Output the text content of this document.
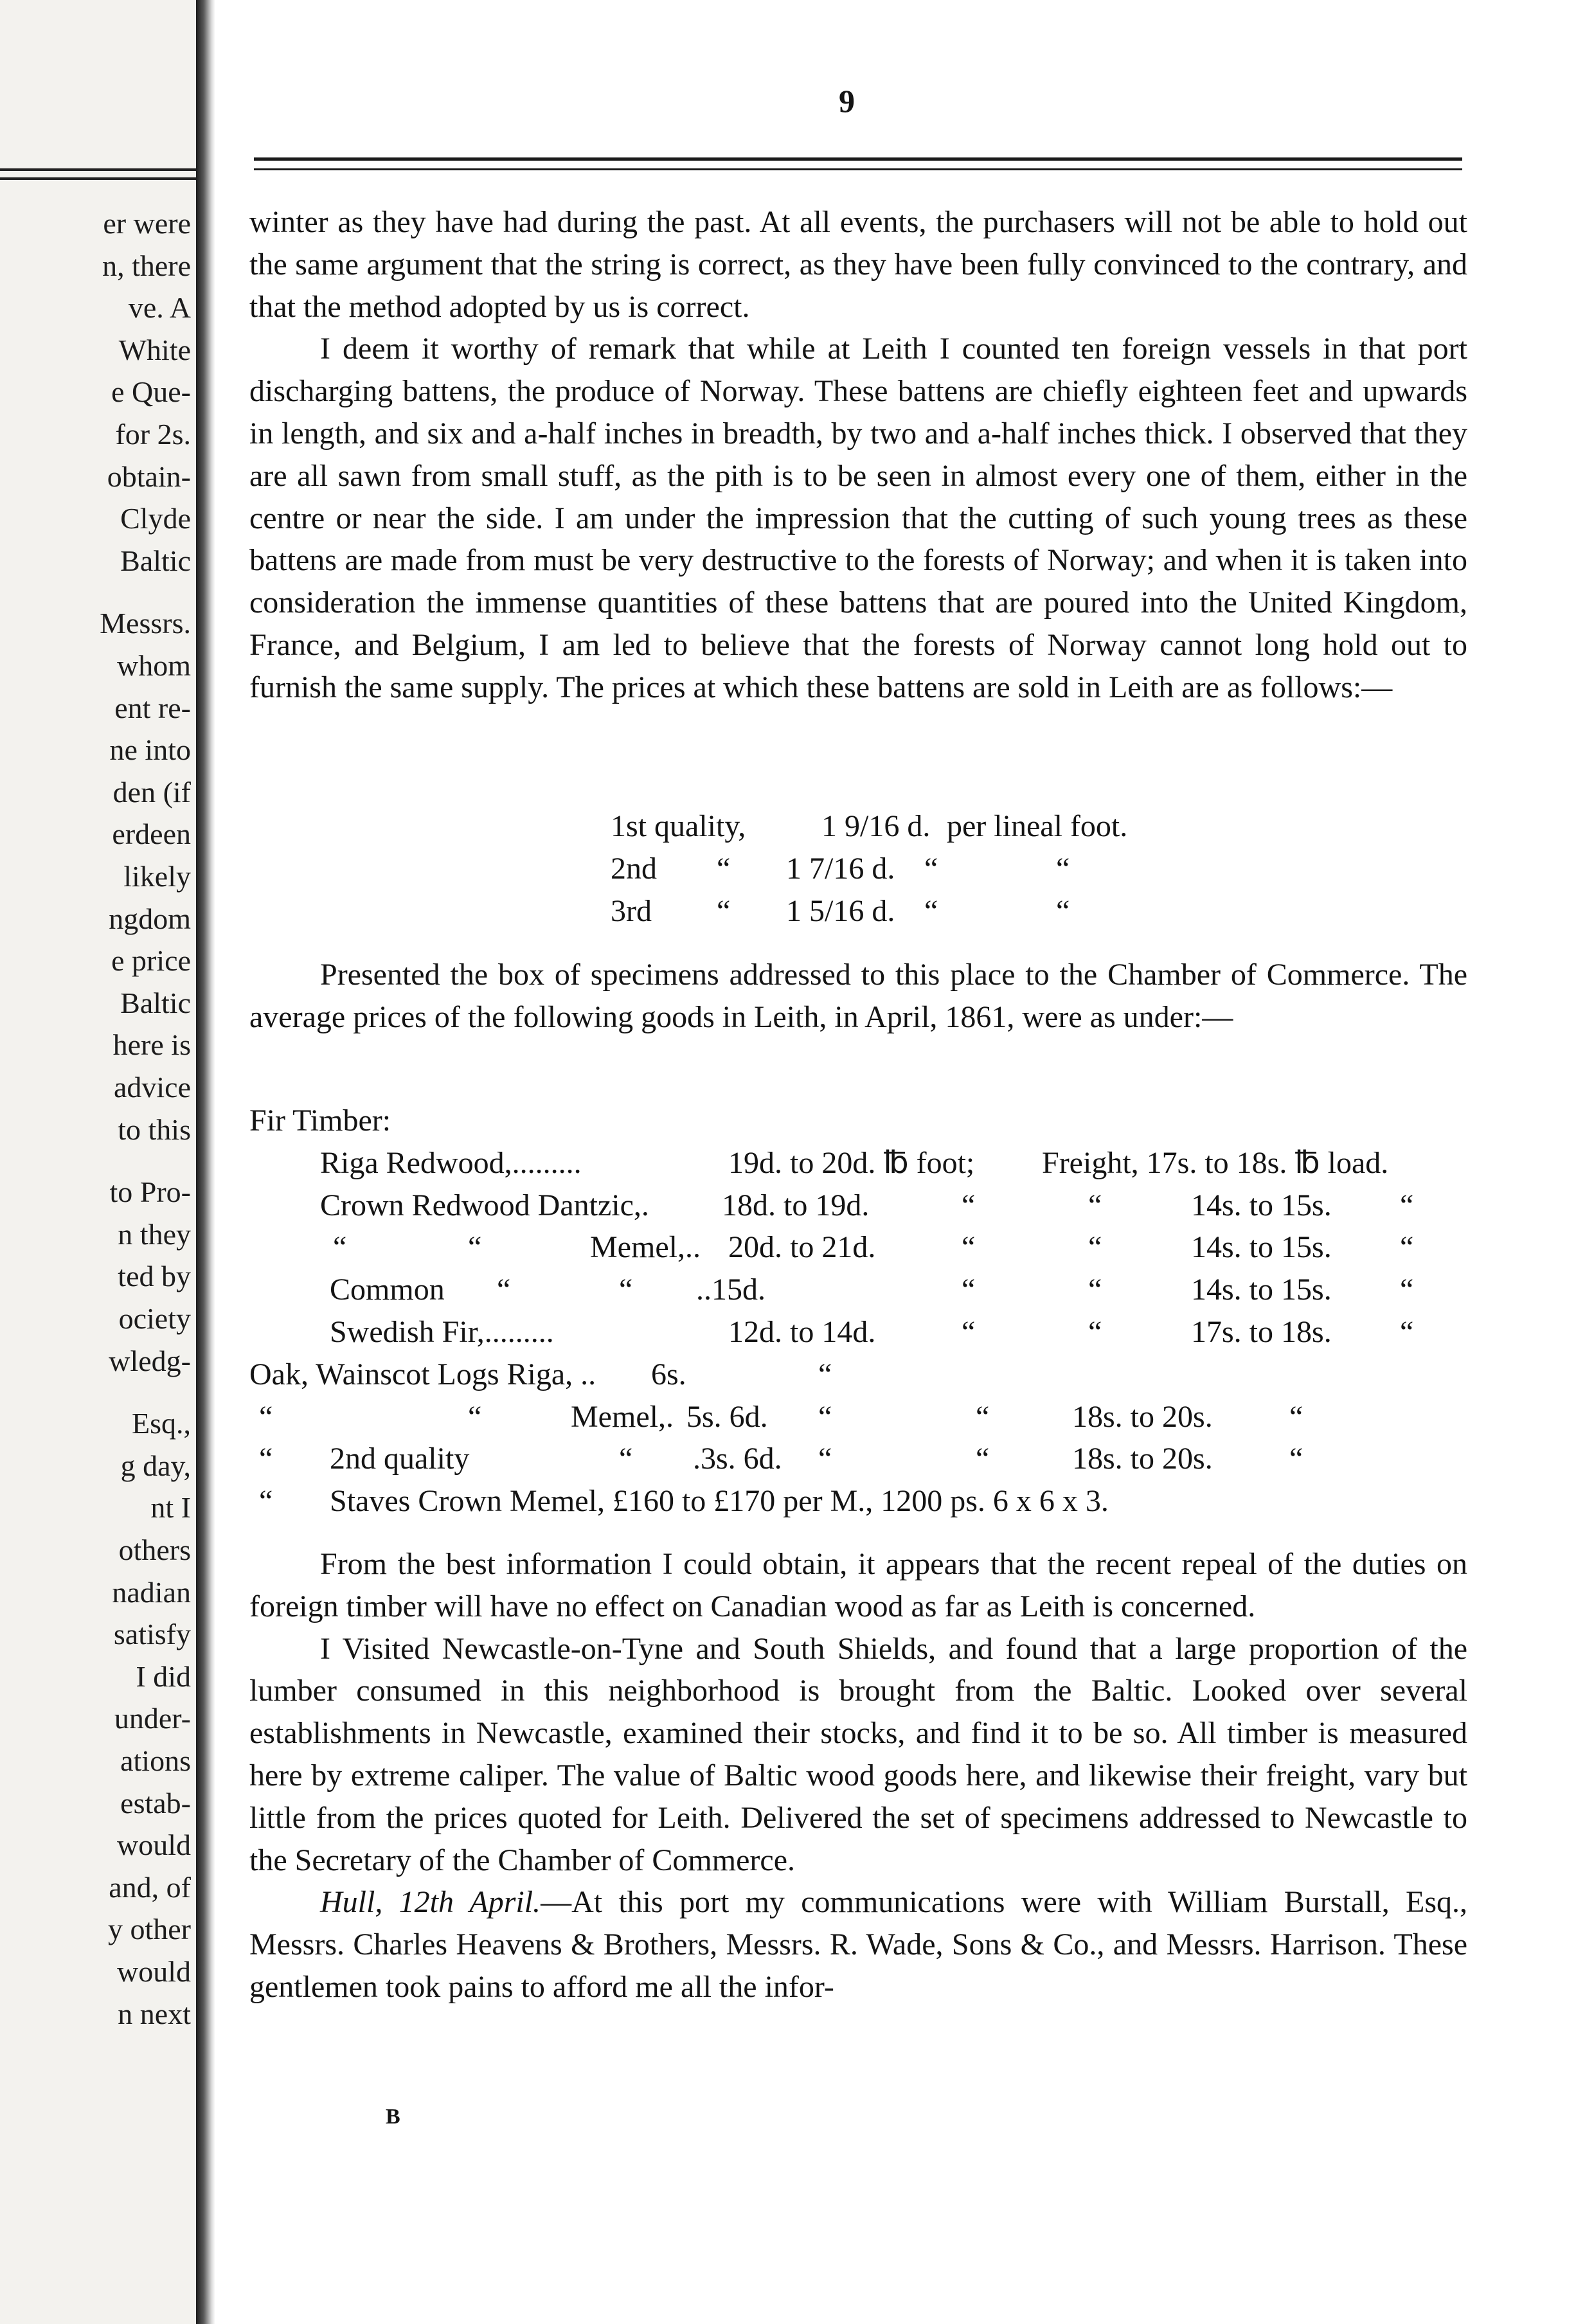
er were
n, there
ve. A
White
e Que-
for 2s.
obtain-
Clyde
Baltic
Messrs.
whom
ent re-
ne into
den (if
erdeen
likely
ngdom
e price
Baltic
here is
advice
to this
to Pro-
n they
ted by
ociety
wledg-
Esq.,
g day,
nt I
others
nadian
satisfy
I did
under-
ations
estab-
would
and, of
y other
would
n next
9

winter as they have had during the past. At all events, the purchasers will not be able to hold out the same argument that the string is correct, as they have been fully convinced to the contrary, and that the method adopted by us is correct.

I deem it worthy of remark that while at Leith I counted ten foreign vessels in that port discharging battens, the produce of Norway. These battens are chiefly eighteen feet and upwards in length, and six and a-half inches in breadth, by two and a-half inches thick. I observed that they are all sawn from small stuff, as the pith is to be seen in almost every one of them, either in the centre or near the side. I am under the impression that the cutting of such young trees as these battens are made from must be very destructive to the forests of Norway; and when it is taken into consideration the immense quantities of these battens that are poured into the United Kingdom, France, and Belgium, I am led to believe that the forests of Norway cannot long hold out to furnish the same supply. The prices at which these battens are sold in Leith are as follows:—

1st quality, 1 9/16 d. per lineal foot.
2nd “ 1 7/16 d. “	“
3rd “ 1 5/16 d. “	“

Presented the box of specimens addressed to this place to the Chamber of Commerce. The average prices of the following goods in Leith, in April, 1861, were as under:—

Fir Timber:

Riga Redwood,.........	19d. to 20d. ℔ foot; Freight, 17s. to 18s. ℔ load.
Crown Redwood Dantzic,. 18d. to 19d.	“	“	14s. to 15s. “
“	“	Memel,.. 20d. to 21d.	“	“	14s. to 15s. “
Common “	“ ..15d.	“	“	14s. to 15s. “
Swedish Fir,.........	12d. to 14d.	“	“	17s. to 18s. “
Oak, Wainscot Logs Riga, .. 6s.	“
“	“	Memel,. 5s. 6d. “	“	18s. to 20s. “
“ 2nd quality	“ .3s. 6d. “	“	18s. to 20s. “
“ Staves Crown Memel, £160 to £170 per M., 1200 ps. 6 x 6 x 3.

From the best information I could obtain, it appears that the recent repeal of the duties on foreign timber will have no effect on Canadian wood as far as Leith is concerned.

I Visited Newcastle-on-Tyne and South Shields, and found that a large proportion of the lumber consumed in this neighborhood is brought from the Baltic. Looked over several establishments in Newcastle, examined their stocks, and find it to be so. All timber is measured here by extreme caliper. The value of Baltic wood goods here, and likewise their freight, vary but little from the prices quoted for Leith. Delivered the set of specimens addressed to Newcastle to the Secretary of the Chamber of Commerce.

Hull, 12th April.—At this port my communications were with William Burstall, Esq., Messrs. Charles Heavens & Brothers, Messrs. R. Wade, Sons & Co., and Messrs. Harrison. These gentlemen took pains to afford me all the infor-

B
